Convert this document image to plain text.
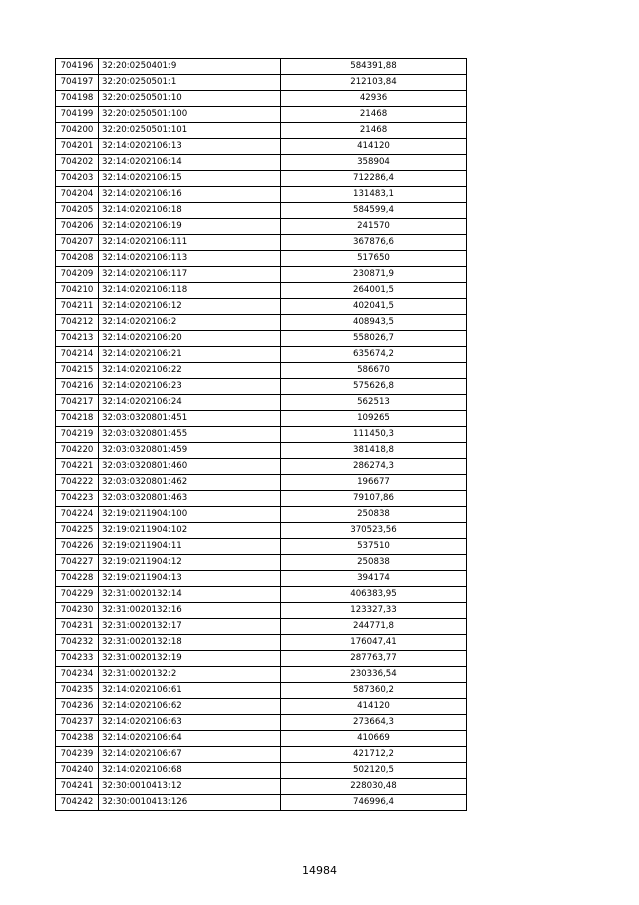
704196	32:20:0250401:9	584391,88
704197	32:20:0250501:1	212103,84
704198	32:20:0250501:10	42936
704199	32:20:0250501:100	21468
704200	32:20:0250501:101	21468
704201	32:14:0202106:13	414120
704202	32:14:0202106:14	358904
704203	32:14:0202106:15	712286,4
704204	32:14:0202106:16	131483,1
704205	32:14:0202106:18	584599,4
704206	32:14:0202106:19	241570
704207	32:14:0202106:111	367876,6
704208	32:14:0202106:113	517650
704209	32:14:0202106:117	230871,9
704210	32:14:0202106:118	264001,5
704211	32:14:0202106:12	402041,5
704212	32:14:0202106:2	408943,5
704213	32:14:0202106:20	558026,7
704214	32:14:0202106:21	635674,2
704215	32:14:0202106:22	586670
704216	32:14:0202106:23	575626,8
704217	32:14:0202106:24	562513
704218	32:03:0320801:451	109265
704219	32:03:0320801:455	111450,3
704220	32:03:0320801:459	381418,8
704221	32:03:0320801:460	286274,3
704222	32:03:0320801:462	196677
704223	32:03:0320801:463	79107,86
704224	32:19:0211904:100	250838
704225	32:19:0211904:102	370523,56
704226	32:19:0211904:11	537510
704227	32:19:0211904:12	250838
704228	32:19:0211904:13	394174
704229	32:31:0020132:14	406383,95
704230	32:31:0020132:16	123327,33
704231	32:31:0020132:17	244771,8
704232	32:31:0020132:18	176047,41
704233	32:31:0020132:19	287763,77
704234	32:31:0020132:2	230336,54
704235	32:14:0202106:61	587360,2
704236	32:14:0202106:62	414120
704237	32:14:0202106:63	273664,3
704238	32:14:0202106:64	410669
704239	32:14:0202106:67	421712,2
704240	32:14:0202106:68	502120,5
704241	32:30:0010413:12	228030,48
704242	32:30:0010413:126	746996,4
14984
